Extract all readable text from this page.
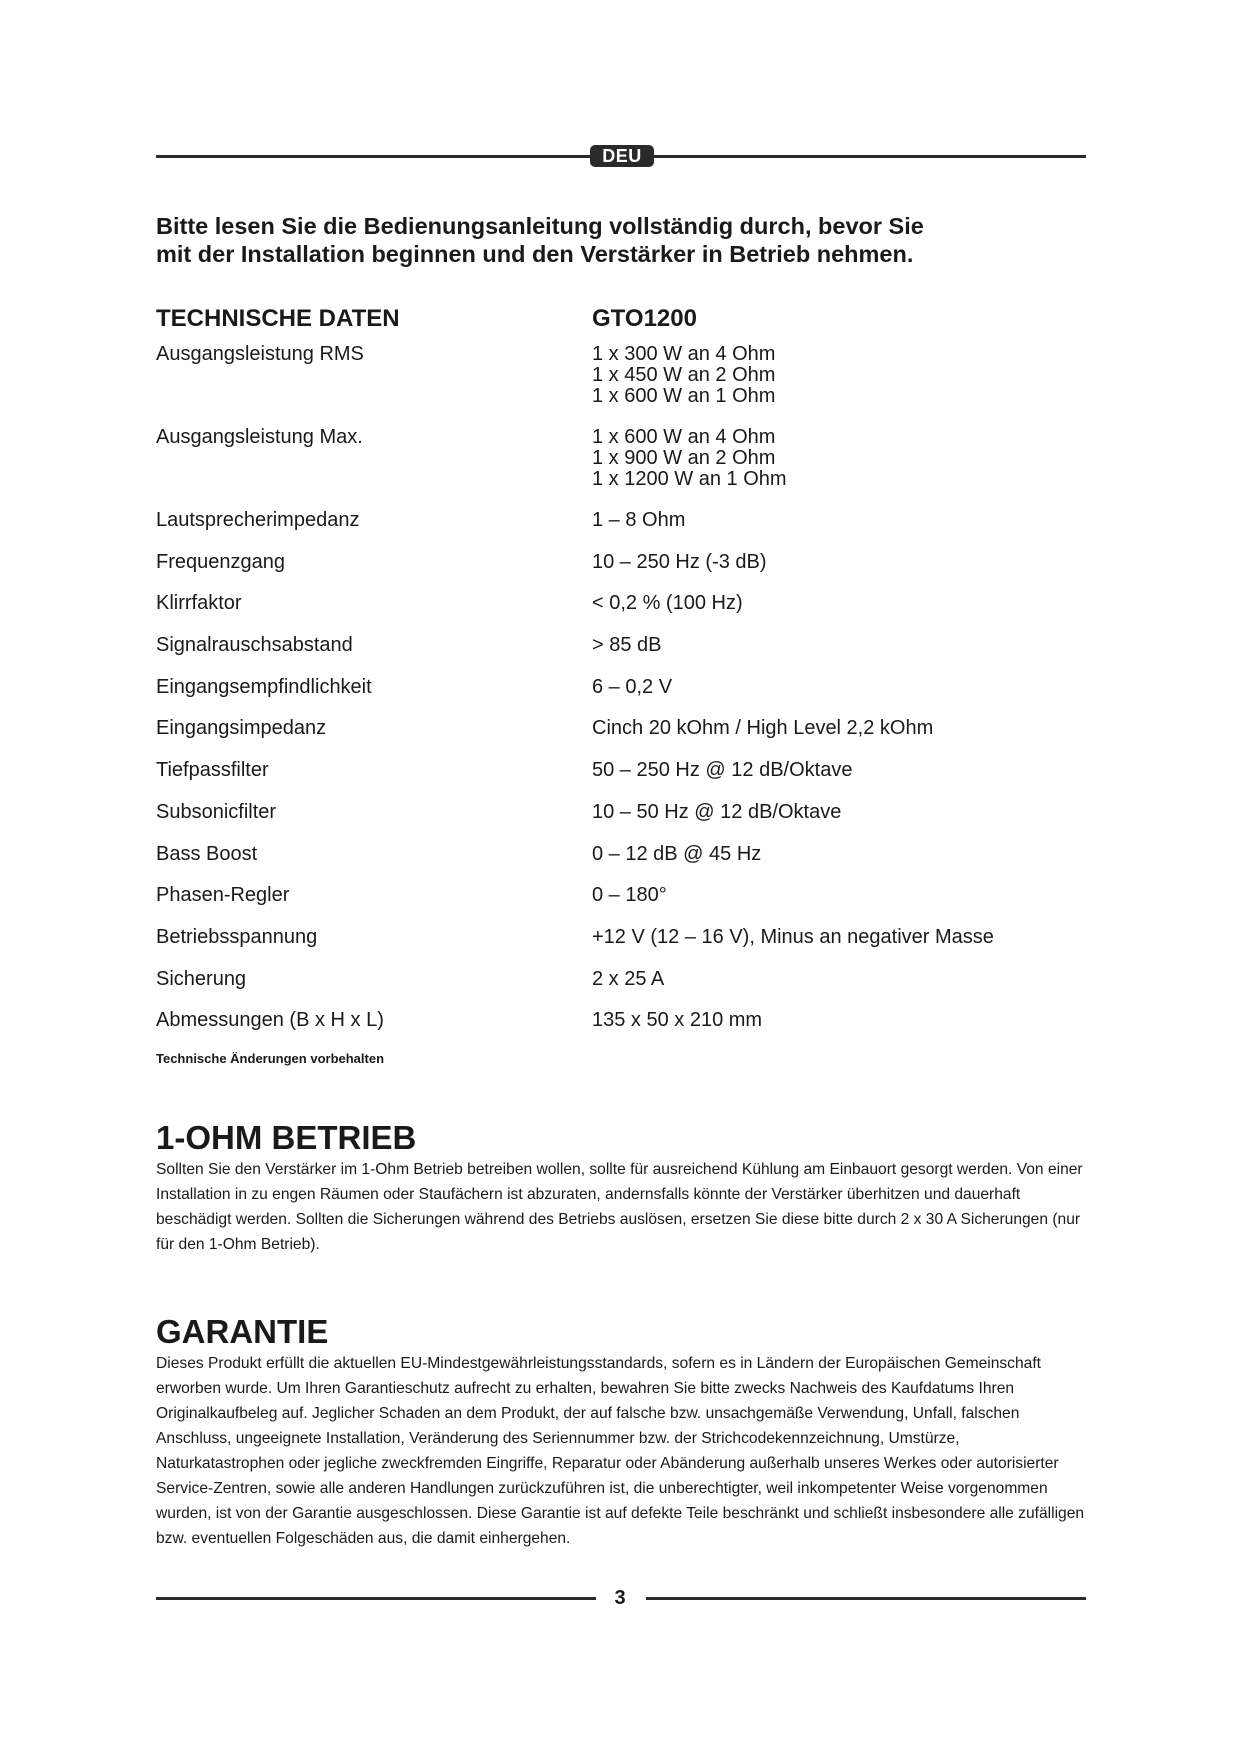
DEU
Bitte lesen Sie die Bedienungsanleitung vollständig durch, bevor Sie
mit der Installation beginnen und den Verstärker in Betrieb nehmen.
TECHNISCHE DATEN	GTO1200
Ausgangsleistung RMS	1 x 300 W an 4 Ohm
1 x 450 W an 2 Ohm
1 x 600 W an 1 Ohm
Ausgangsleistung Max.	1 x 600 W an 4 Ohm
1 x 900 W an 2 Ohm
1 x 1200 W an 1 Ohm
Lautsprecherimpedanz	1 – 8 Ohm
Frequenzgang	10 – 250 Hz (-3 dB)
Klirrfaktor	< 0,2 % (100 Hz)
Signalrauschsabstand	> 85 dB
Eingangsempfindlichkeit	6 – 0,2 V
Eingangsimpedanz	Cinch 20 kOhm / High Level 2,2 kOhm
Tiefpassfilter	50 – 250 Hz @ 12 dB/Oktave
Subsonicfilter	10 – 50 Hz @ 12 dB/Oktave
Bass Boost	0 – 12 dB @ 45 Hz
Phasen-Regler	0 – 180°
Betriebsspannung	+12 V (12 – 16 V), Minus an negativer Masse
Sicherung	2 x 25 A
Abmessungen (B x H x L)	135 x 50 x 210 mm
Technische Änderungen vorbehalten
1-OHM BETRIEB

Sollten Sie den Verstärker im 1-Ohm Betrieb betreiben wollen, sollte für ausreichend Kühlung am Einbauort gesorgt werden. Von einer Installation in zu engen Räumen oder Staufächern ist abzuraten, andernsfalls könnte der Verstärker überhitzen und dauerhaft beschädigt werden. Sollten die Sicherungen während des Betriebs auslösen, ersetzen Sie diese bitte durch 2 x 30 A Sicherungen (nur für den 1-Ohm Betrieb).

GARANTIE

Dieses Produkt erfüllt die aktuellen EU-Mindestgewährleistungsstandards, sofern es in Ländern der Europäischen Gemeinschaft erworben wurde. Um Ihren Garantieschutz aufrecht zu erhalten, bewahren Sie bitte zwecks Nachweis des Kaufdatums Ihren Originalkaufbeleg auf. Jeglicher Schaden an dem Produkt, der auf falsche bzw. unsachgemäße Verwendung, Unfall, falschen Anschluss, ungeeignete Installation, Veränderung des Seriennummer bzw. der Strichcodekennzeichnung, Umstürze, Naturkatastrophen oder jegliche zweckfremden Eingriffe, Reparatur oder Abänderung außerhalb unseres Werkes oder autorisierter Service-Zentren, sowie alle anderen Handlungen zurückzuführen ist, die unberechtigter, weil inkompetenter Weise vorgenommen wurden, ist von der Garantie ausgeschlossen. Diese Garantie ist auf defekte Teile beschränkt und schließt insbesondere alle zufälligen bzw. eventuellen Folgeschäden aus, die damit einhergehen.

3
